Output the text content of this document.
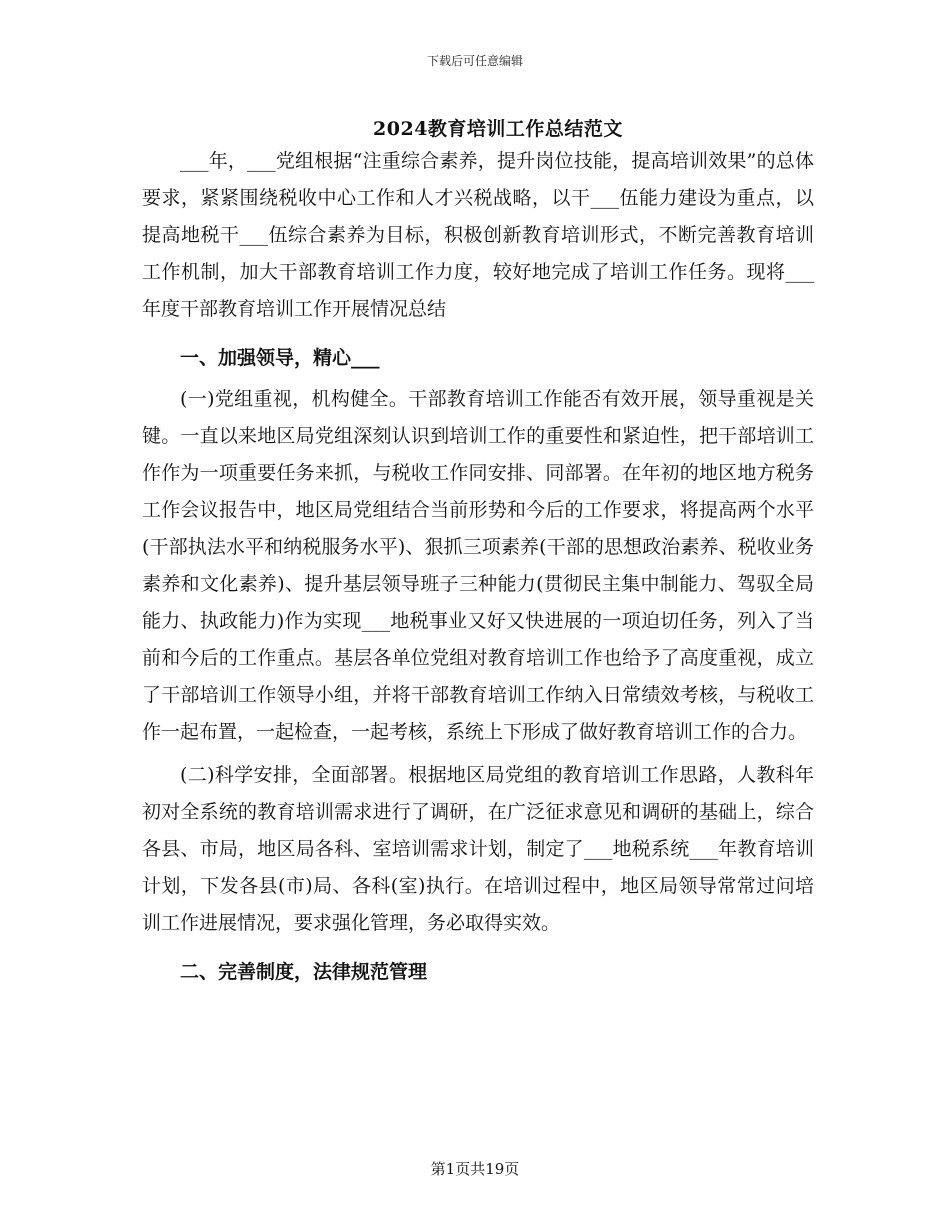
下载后可任意编辑
2024教育培训工作总结范文

___年，___党组根据“注重综合素养，提升岗位技能，提高培训效果”的总体要求，紧紧围绕税收中心工作和人才兴税战略，以干___伍能力建设为重点，以提高地税干___伍综合素养为目标，积极创新教育培训形式，不断完善教育培训工作机制，加大干部教育培训工作力度，较好地完成了培训工作任务。现将___年度干部教育培训工作开展情况总结

一、加强领导，精心___

(一)党组重视，机构健全。干部教育培训工作能否有效开展，领导重视是关键。一直以来地区局党组深刻认识到培训工作的重要性和紧迫性，把干部培训工作作为一项重要任务来抓，与税收工作同安排、同部署。在年初的地区地方税务工作会议报告中，地区局党组结合当前形势和今后的工作要求，将提高两个水平(干部执法水平和纳税服务水平)、狠抓三项素养(干部的思想政治素养、税收业务素养和文化素养)、提升基层领导班子三种能力(贯彻民主集中制能力、驾驭全局能力、执政能力)作为实现___地税事业又好又快进展的一项迫切任务，列入了当前和今后的工作重点。基层各单位党组对教育培训工作也给予了高度重视，成立了干部培训工作领导小组，并将干部教育培训工作纳入日常绩效考核，与税收工作一起布置，一起检查，一起考核，系统上下形成了做好教育培训工作的合力。

(二)科学安排，全面部署。根据地区局党组的教育培训工作思路，人教科年初对全系统的教育培训需求进行了调研，在广泛征求意见和调研的基础上，综合各县、市局，地区局各科、室培训需求计划，制定了___地税系统___年教育培训计划，下发各县(市)局、各科(室)执行。在培训过程中，地区局领导常常过问培训工作进展情况，要求强化管理，务必取得实效。

二、完善制度，法律规范管理
第1页共19页
